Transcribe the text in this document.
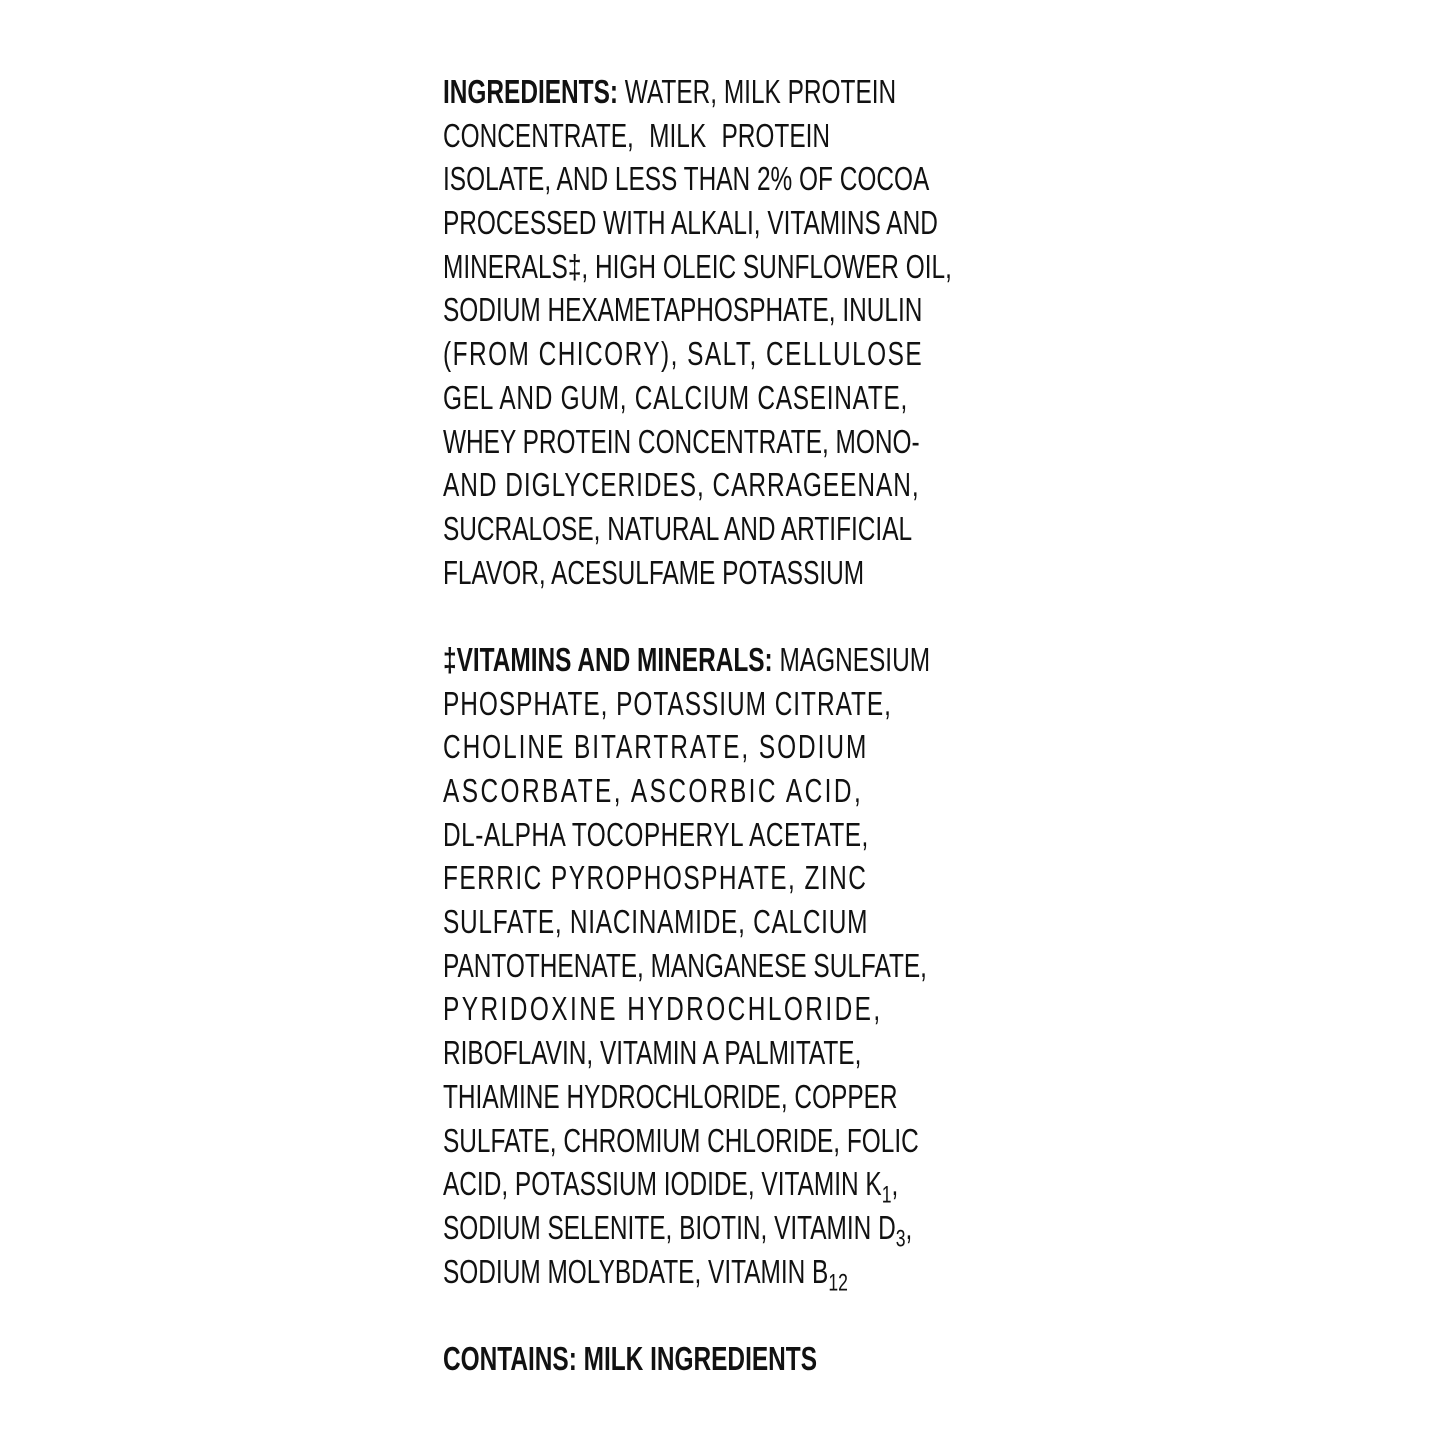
INGREDIENTS: WATER, MILK PROTEIN
CONCENTRATE, MILK PROTEIN
ISOLATE, AND LESS THAN 2% OF COCOA
PROCESSED WITH ALKALI, VITAMINS AND
MINERALS‡, HIGH OLEIC SUNFLOWER OIL,
SODIUM HEXAMETAPHOSPHATE, INULIN
(FROM CHICORY), SALT, CELLULOSE
GEL AND GUM, CALCIUM CASEINATE,
WHEY PROTEIN CONCENTRATE, MONO-
AND DIGLYCERIDES, CARRAGEENAN,
SUCRALOSE, NATURAL AND ARTIFICIAL
FLAVOR, ACESULFAME POTASSIUM
‡VITAMINS AND MINERALS: MAGNESIUM
PHOSPHATE, POTASSIUM CITRATE,
CHOLINE BITARTRATE, SODIUM
ASCORBATE, ASCORBIC ACID,
DL-ALPHA TOCOPHERYL ACETATE,
FERRIC PYROPHOSPHATE, ZINC
SULFATE, NIACINAMIDE, CALCIUM
PANTOTHENATE, MANGANESE SULFATE,
PYRIDOXINE HYDROCHLORIDE,
RIBOFLAVIN, VITAMIN A PALMITATE,
THIAMINE HYDROCHLORIDE, COPPER
SULFATE, CHROMIUM CHLORIDE, FOLIC
ACID, POTASSIUM IODIDE, VITAMIN $K_1$,
SODIUM SELENITE, BIOTIN, VITAMIN $D_3$,
SODIUM MOLYBDATE, VITAMIN $B_{12}$
CONTAINS: MILK INGREDIENTS
